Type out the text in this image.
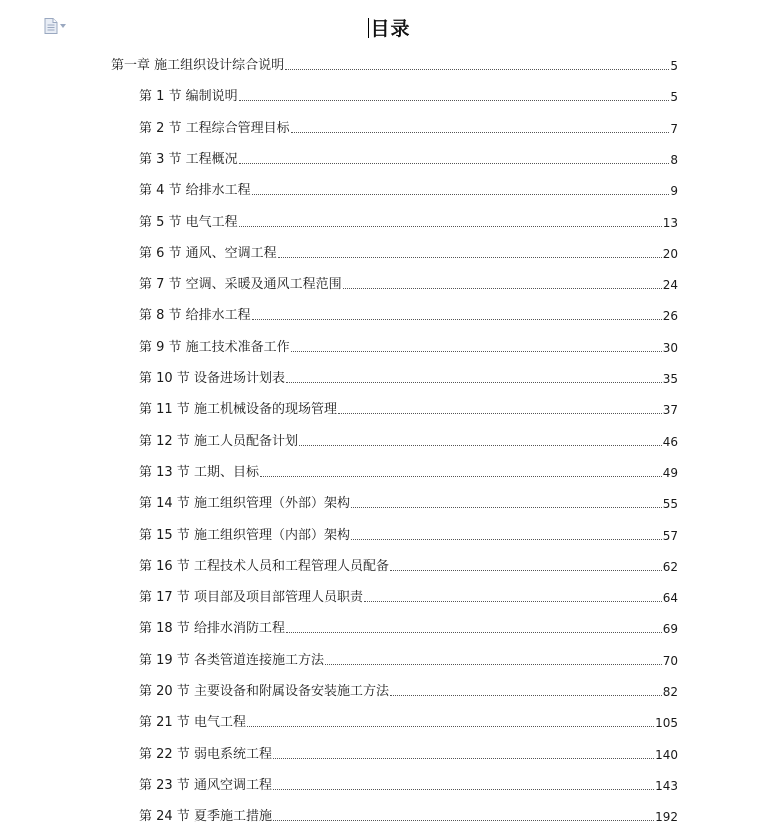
目录
第一章 施工组织设计综合说明	5
第 1 节 编制说明	5
第 2 节 工程综合管理目标	7
第 3 节 工程概况	8
第 4 节 给排水工程	9
第 5 节 电气工程	13
第 6 节 通风、空调工程	20
第 7 节 空调、采暖及通风工程范围	24
第 8 节 给排水工程	26
第 9 节 施工技术准备工作	30
第 10 节 设备进场计划表	35
第 11 节 施工机械设备的现场管理	37
第 12 节 施工人员配备计划	46
第 13 节 工期、目标	49
第 14 节 施工组织管理（外部）架构	55
第 15 节 施工组织管理（内部）架构	57
第 16 节 工程技术人员和工程管理人员配备	62
第 17 节 项目部及项目部管理人员职责	64
第 18 节 给排水消防工程	69
第 19 节 各类管道连接施工方法	70
第 20 节 主要设备和附属设备安装施工方法	82
第 21 节 电气工程	105
第 22 节 弱电系统工程	140
第 23 节 通风空调工程	143
第 24 节 夏季施工措施	192
